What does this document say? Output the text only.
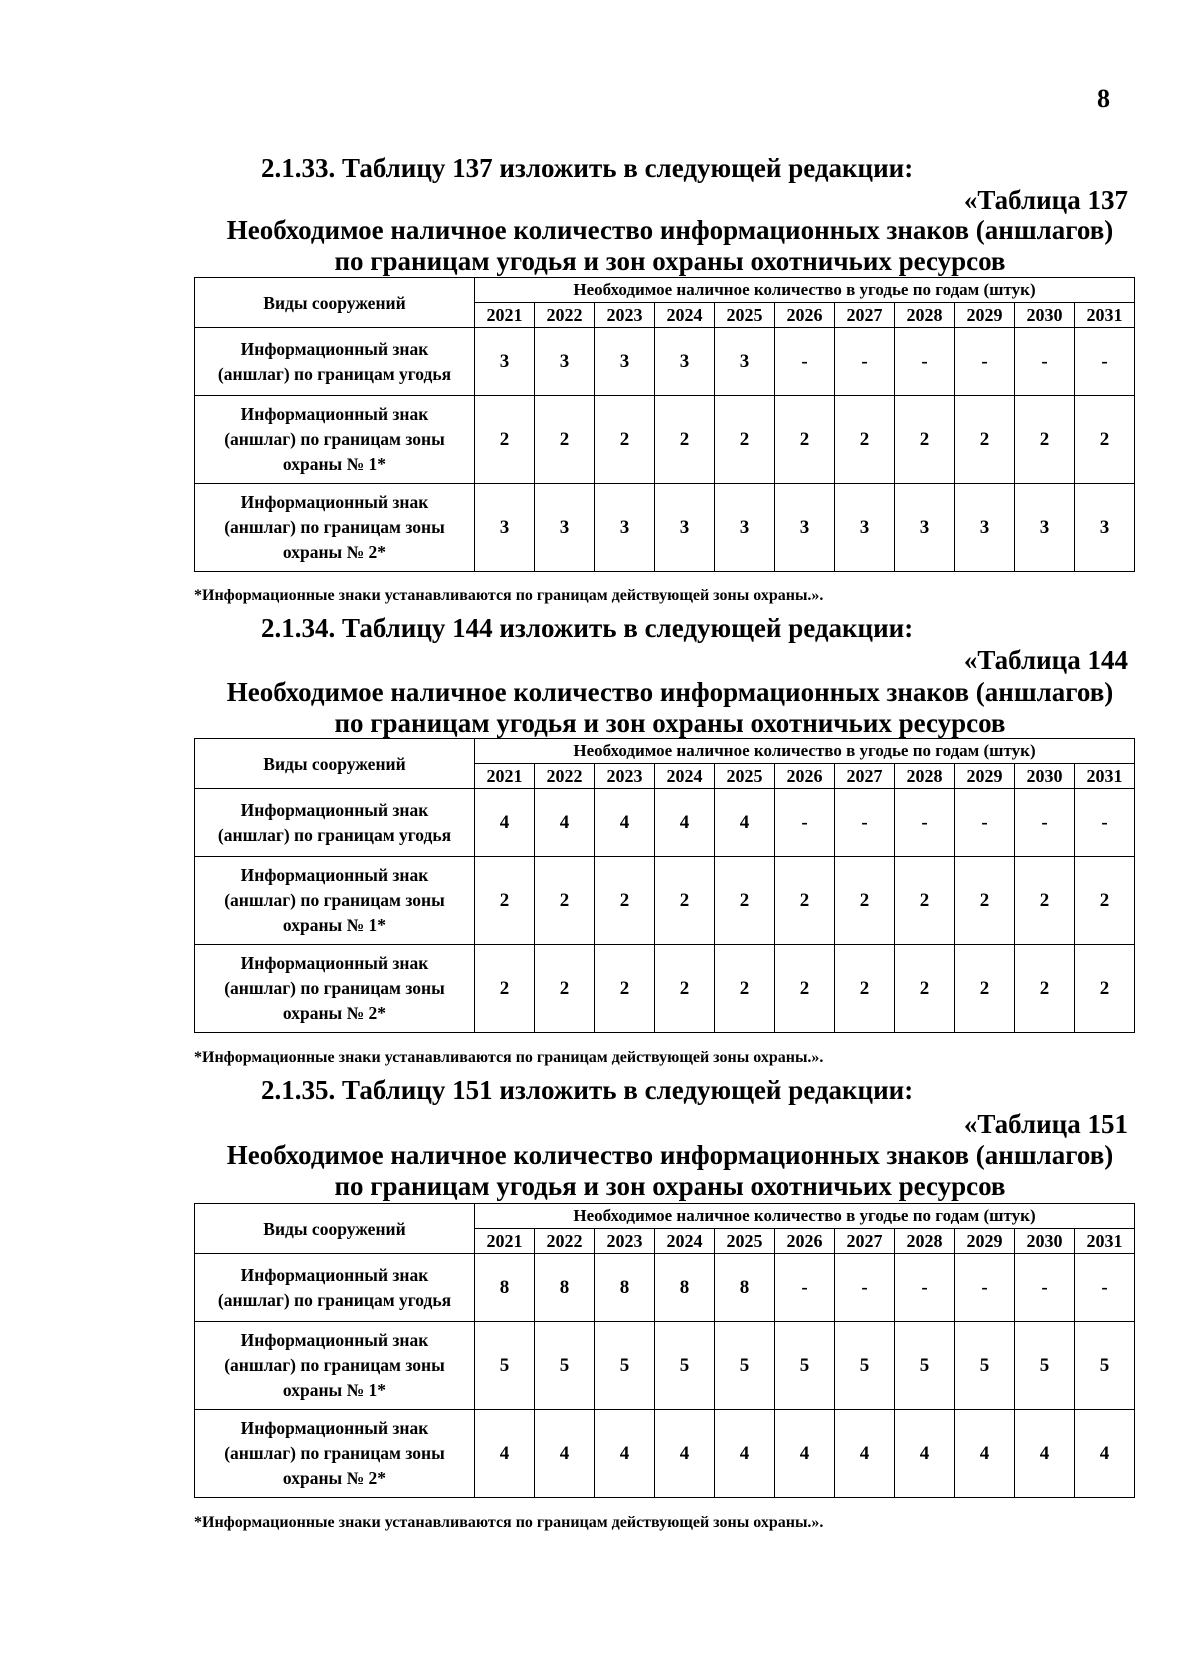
8
2.1.33. Таблицу 137 изложить в следующей редакции:
«Таблица 137
Необходимое наличное количество информационных знаков (аншлагов)
по границам угодья и зон охраны охотничьих ресурсов
Виды сооружений	Необходимое наличное количество в угодье по годам (штук)										
	2021	2022	2023	2024	2025	2026	2027	2028	2029	2030	2031
Информационный знак
(аншлаг) по границам угодья	3	3	3	3	3	-	-	-	-	-	-
Информационный знак
(аншлаг) по границам зоны
охраны № 1*	2	2	2	2	2	2	2	2	2	2	2
Информационный знак
(аншлаг) по границам зоны
охраны № 2*	3	3	3	3	3	3	3	3	3	3	3
*Информационные знаки устанавливаются по границам действующей зоны охраны.».
2.1.34. Таблицу 144 изложить в следующей редакции:
«Таблица 144
Необходимое наличное количество информационных знаков (аншлагов)
по границам угодья и зон охраны охотничьих ресурсов
Виды сооружений	Необходимое наличное количество в угодье по годам (штук)										
	2021	2022	2023	2024	2025	2026	2027	2028	2029	2030	2031
Информационный знак
(аншлаг) по границам угодья	4	4	4	4	4	-	-	-	-	-	-
Информационный знак
(аншлаг) по границам зоны
охраны № 1*	2	2	2	2	2	2	2	2	2	2	2
Информационный знак
(аншлаг) по границам зоны
охраны № 2*	2	2	2	2	2	2	2	2	2	2	2
*Информационные знаки устанавливаются по границам действующей зоны охраны.».
2.1.35. Таблицу 151 изложить в следующей редакции:
«Таблица 151
Необходимое наличное количество информационных знаков (аншлагов)
по границам угодья и зон охраны охотничьих ресурсов
Виды сооружений	Необходимое наличное количество в угодье по годам (штук)										
	2021	2022	2023	2024	2025	2026	2027	2028	2029	2030	2031
Информационный знак
(аншлаг) по границам угодья	8	8	8	8	8	-	-	-	-	-	-
Информационный знак
(аншлаг) по границам зоны
охраны № 1*	5	5	5	5	5	5	5	5	5	5	5
Информационный знак
(аншлаг) по границам зоны
охраны № 2*	4	4	4	4	4	4	4	4	4	4	4
*Информационные знаки устанавливаются по границам действующей зоны охраны.».
